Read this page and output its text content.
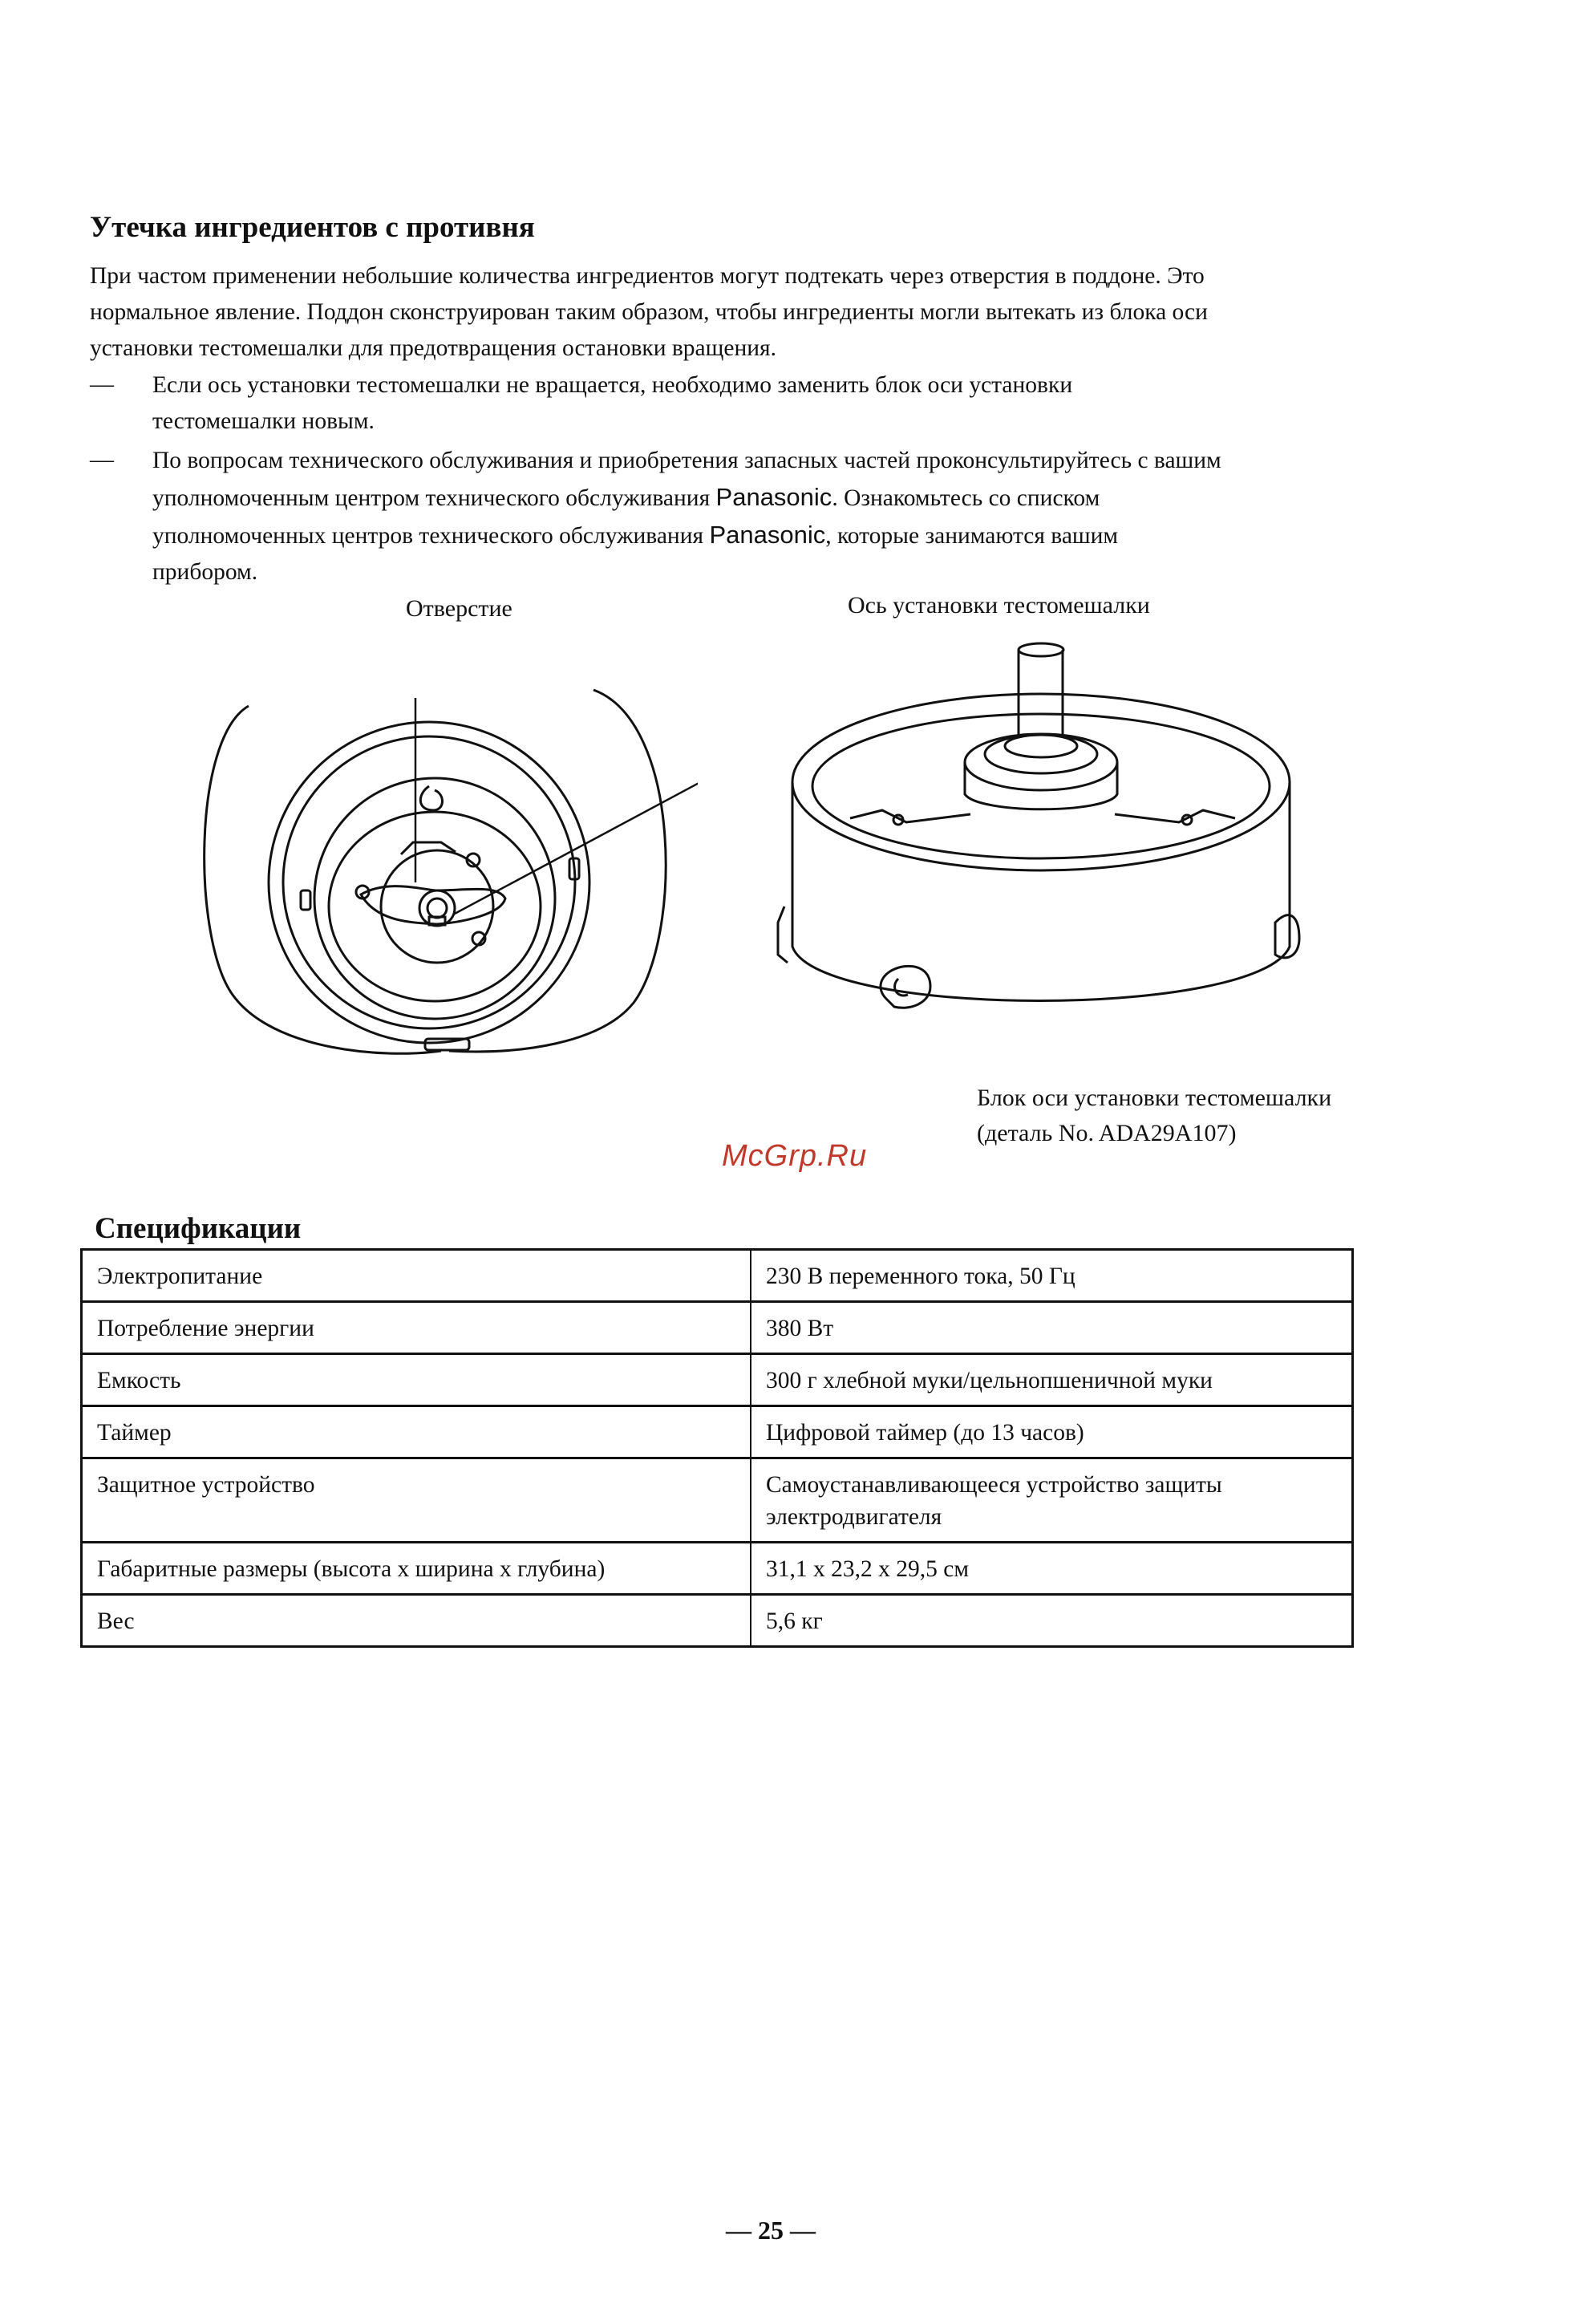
Утечка ингредиентов с противня
При частом применении небольшие количества ингредиентов могут подтекать через отверстия в поддоне. Это
нормальное явление. Поддон сконструирован таким образом, чтобы ингредиенты могли вытекать из блока оси
установки тестомешалки для предотвращения остановки вращения.
— Если ось установки тестомешалки не вращается, необходимо заменить блок оси установки
тестомешалки новым.
— По вопросам технического обслуживания и приобретения запасных частей проконсультируйтесь с вашим
уполномоченным центром технического обслуживания Panasonic. Ознакомьтесь со списком
уполномоченных центров технического обслуживания Panasonic, которые занимаются вашим
прибором.
Отверстие	Ось установки тестомешалки
Блок оси установки тестомешалки
(деталь No. ADA29A107)
McGrp.Ru
Спецификации
Электропитание	230 В переменного тока, 50 Гц
Потребление энергии	380 Вт
Емкость	300 г хлебной муки/цельнопшеничной муки
Таймер	Цифровой таймер (до 13 часов)
Защитное устройство	Самоустанавливающееся устройство защиты
электродвигателя

Габаритные размеры (высота x ширина x глубина)	31,1 x 23,2 x 29,5 см
Вес	5,6 кг
— 25 —
